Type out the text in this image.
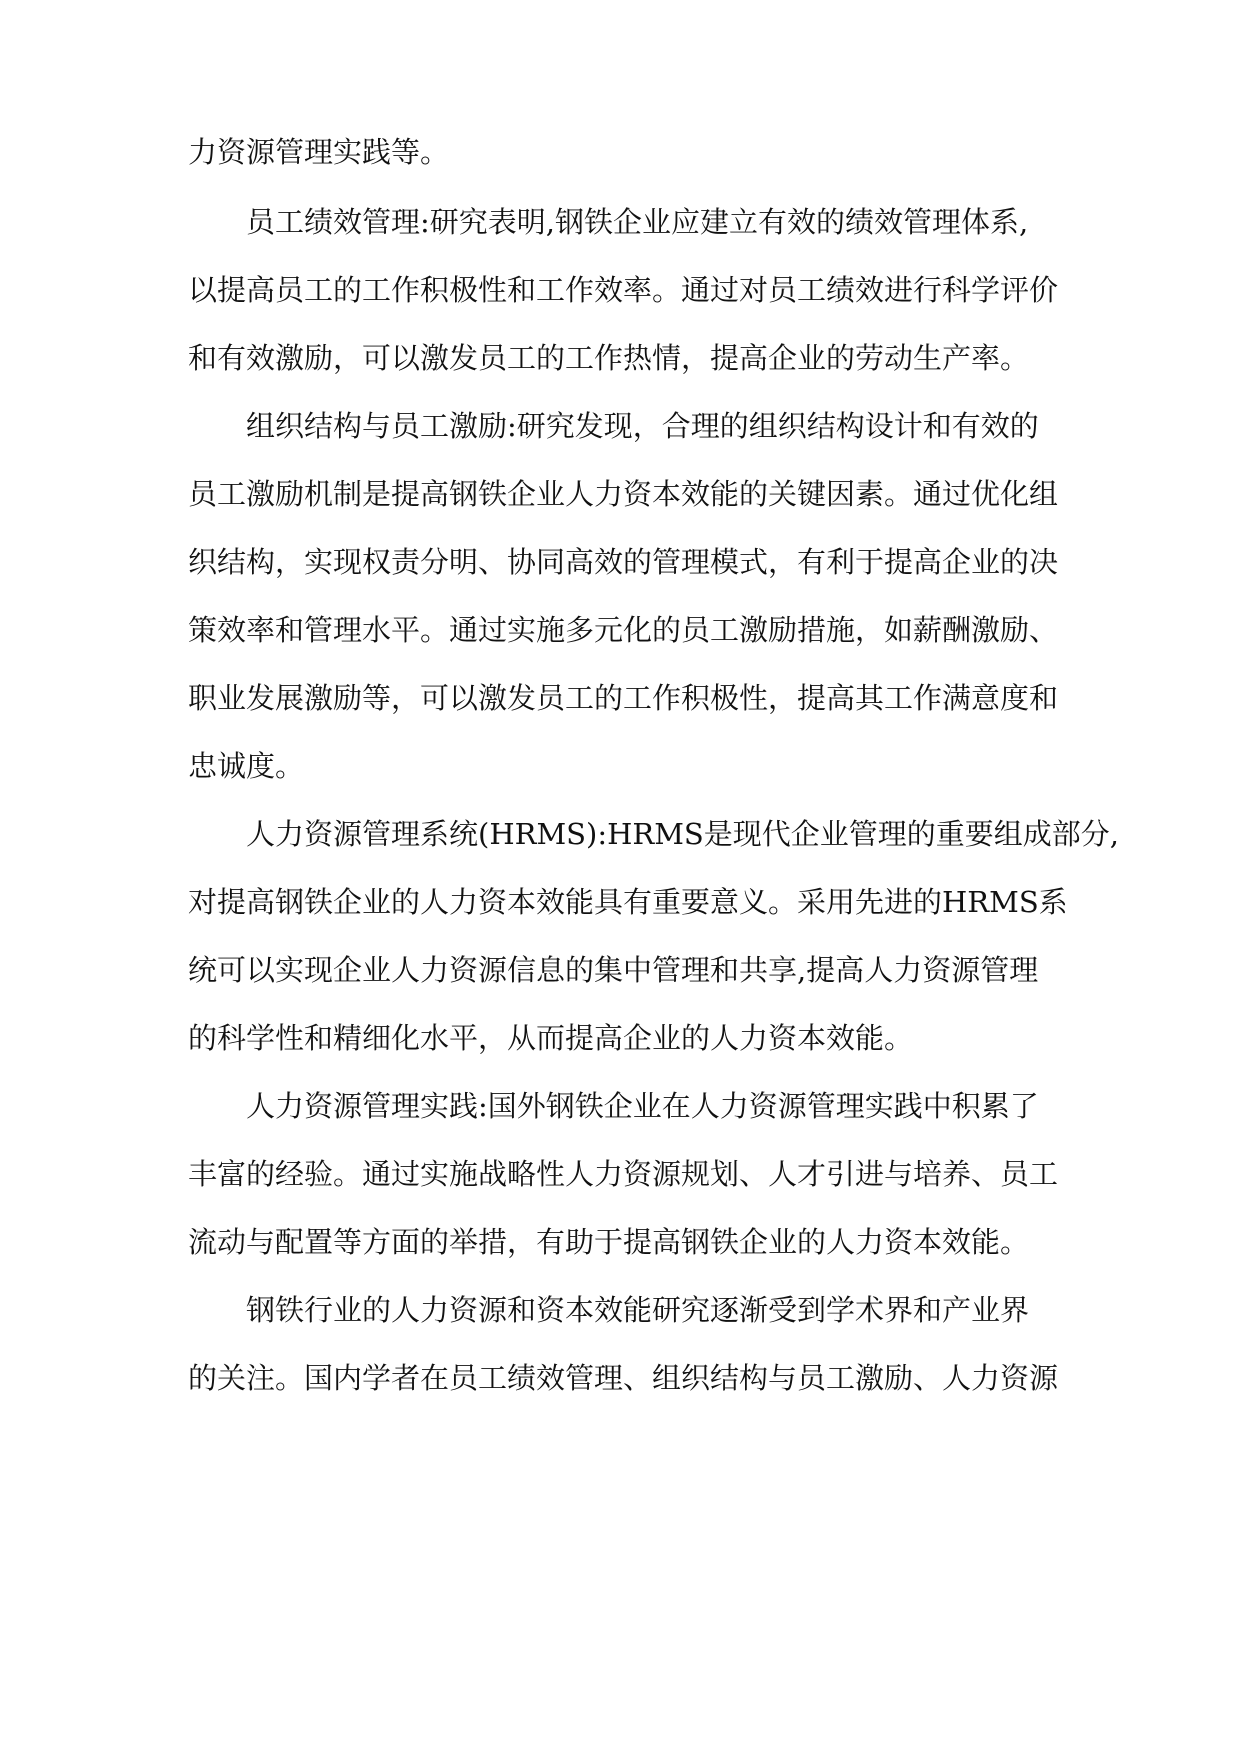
力资源管理实践等。
员工绩效管理:研究表明,钢铁企业应建立有效的绩效管理体系,
以提高员工的工作积极性和工作效率。通过对员工绩效进行科学评价
和有效激励，可以激发员工的工作热情，提高企业的劳动生产率。
组织结构与员工激励:研究发现，合理的组织结构设计和有效的
员工激励机制是提高钢铁企业人力资本效能的关键因素。通过优化组
织结构，实现权责分明、协同高效的管理模式，有利于提高企业的决
策效率和管理水平。通过实施多元化的员工激励措施，如薪酬激励、
职业发展激励等，可以激发员工的工作积极性，提高其工作满意度和
忠诚度。
人力资源管理系统(HRMS):HRMS是现代企业管理的重要组成部分,
对提高钢铁企业的人力资本效能具有重要意义。采用先进的HRMS系
统可以实现企业人力资源信息的集中管理和共享,提高人力资源管理
的科学性和精细化水平，从而提高企业的人力资本效能。
人力资源管理实践:国外钢铁企业在人力资源管理实践中积累了
丰富的经验。通过实施战略性人力资源规划、人才引进与培养、员工
流动与配置等方面的举措，有助于提高钢铁企业的人力资本效能。
钢铁行业的人力资源和资本效能研究逐渐受到学术界和产业界
的关注。国内学者在员工绩效管理、组织结构与员工激励、人力资源
